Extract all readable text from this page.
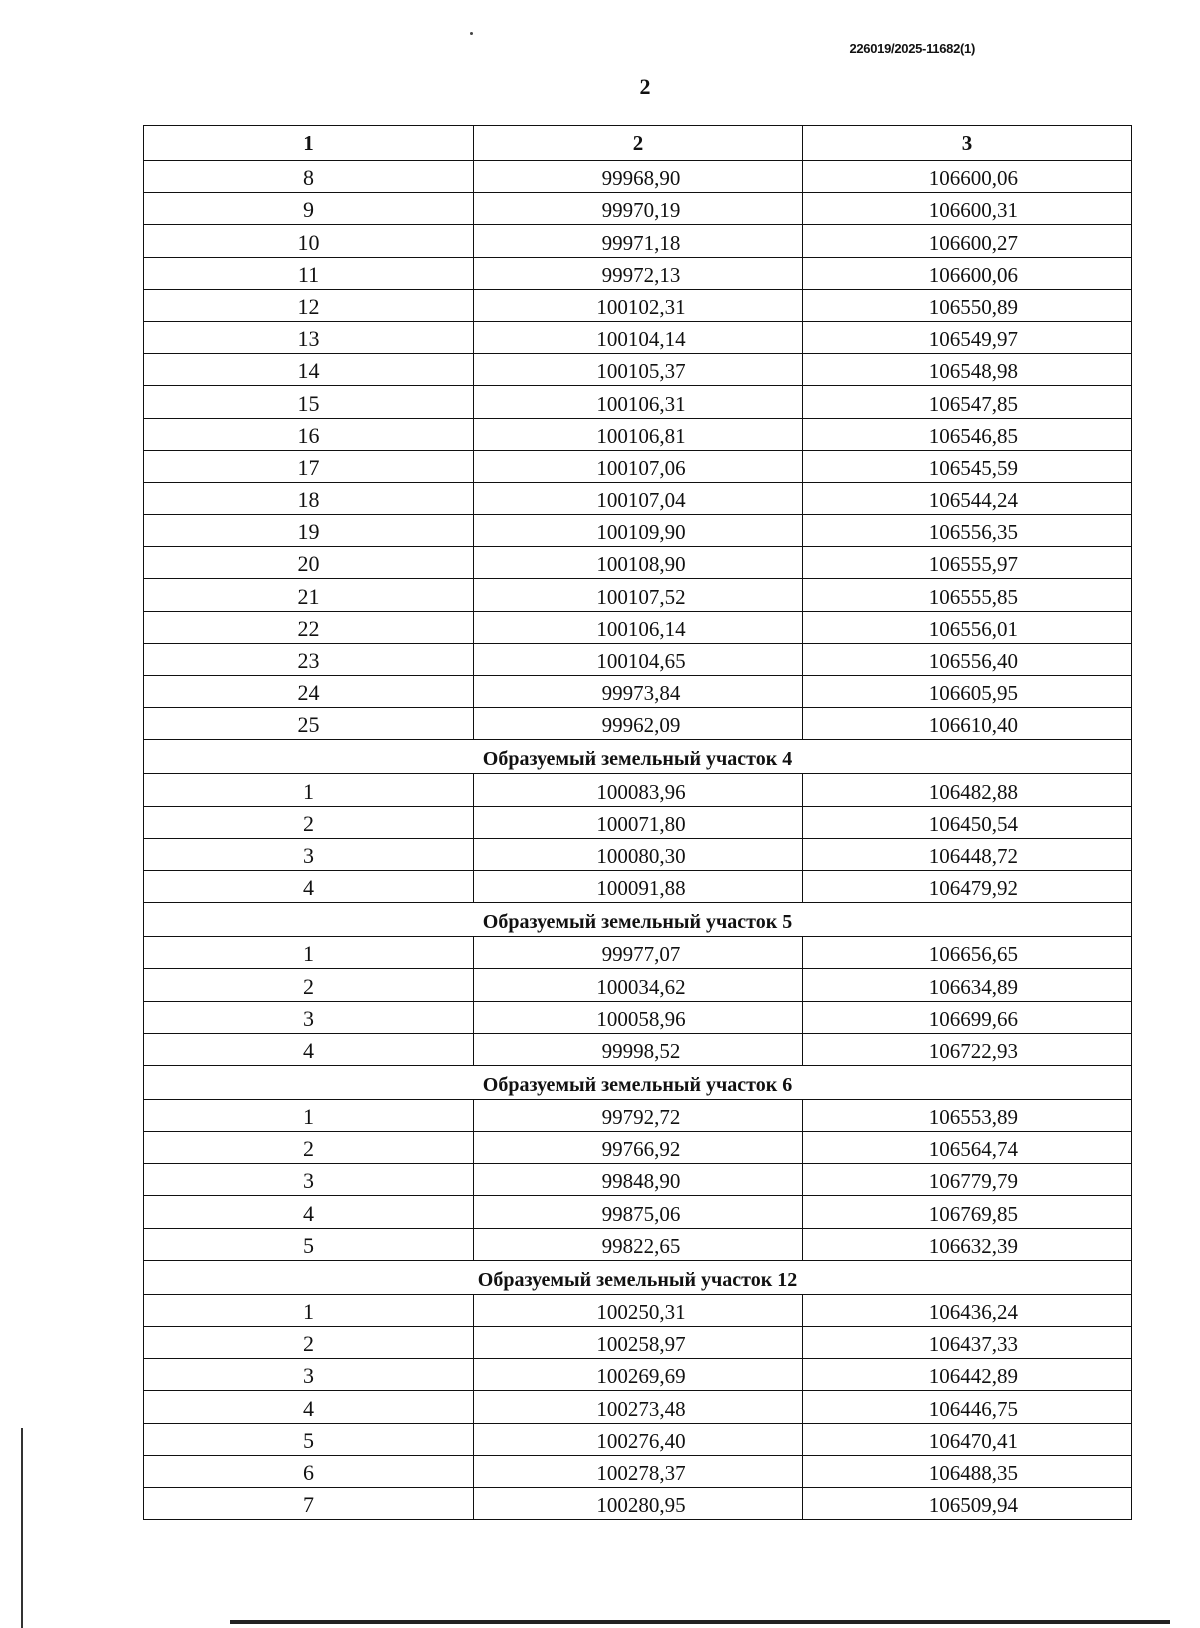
226019/2025-11682(1)
2
1	2	3
8	99968,90	106600,06
9	99970,19	106600,31
10	99971,18	106600,27
11	99972,13	106600,06
12	100102,31	106550,89
13	100104,14	106549,97
14	100105,37	106548,98
15	100106,31	106547,85
16	100106,81	106546,85
17	100107,06	106545,59
18	100107,04	106544,24
19	100109,90	106556,35
20	100108,90	106555,97
21	100107,52	106555,85
22	100106,14	106556,01
23	100104,65	106556,40
24	99973,84	106605,95
25	99962,09	106610,40
Образуемый земельный участок 4		
1	100083,96	106482,88
2	100071,80	106450,54
3	100080,30	106448,72
4	100091,88	106479,92
Образуемый земельный участок 5		
1	99977,07	106656,65
2	100034,62	106634,89
3	100058,96	106699,66
4	99998,52	106722,93
Образуемый земельный участок 6		
1	99792,72	106553,89
2	99766,92	106564,74
3	99848,90	106779,79
4	99875,06	106769,85
5	99822,65	106632,39
Образуемый земельный участок 12		
1	100250,31	106436,24
2	100258,97	106437,33
3	100269,69	106442,89
4	100273,48	106446,75
5	100276,40	106470,41
6	100278,37	106488,35
7	100280,95	106509,94
